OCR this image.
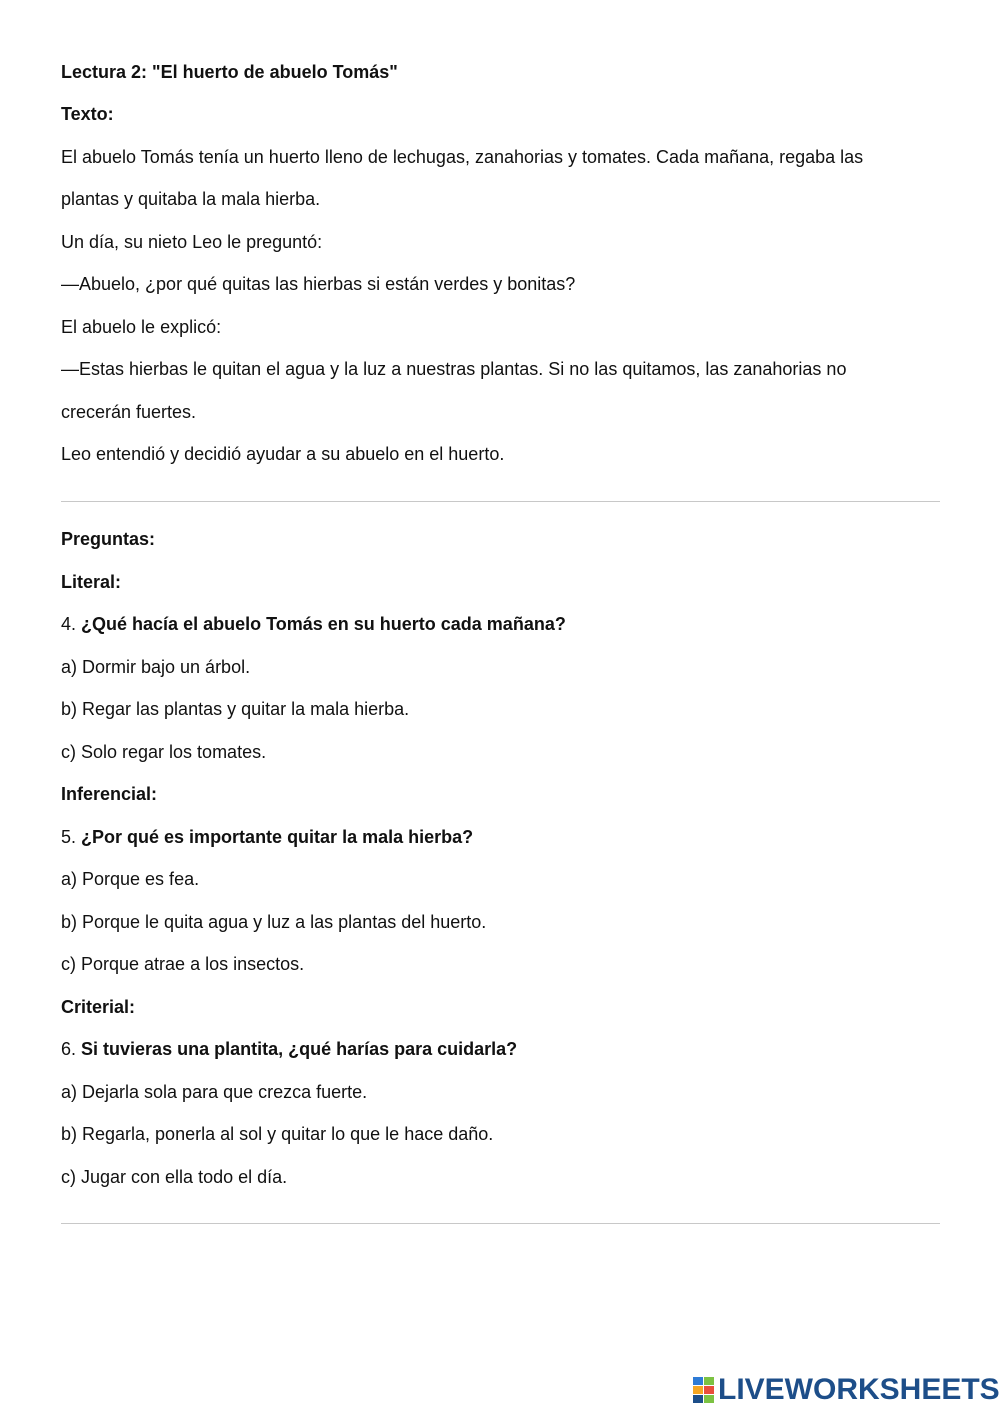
Lectura 2: "El huerto de abuelo Tomás"
Texto:
El abuelo Tomás tenía un huerto lleno de lechugas, zanahorias y tomates. Cada mañana, regaba las
plantas y quitaba la mala hierba.
Un día, su nieto Leo le preguntó:
—Abuelo, ¿por qué quitas las hierbas si están verdes y bonitas?
El abuelo le explicó:
—Estas hierbas le quitan el agua y la luz a nuestras plantas. Si no las quitamos, las zanahorias no
crecerán fuertes.
Leo entendió y decidió ayudar a su abuelo en el huerto.
Preguntas:
Literal:
4. ¿Qué hacía el abuelo Tomás en su huerto cada mañana?
a) Dormir bajo un árbol.
b) Regar las plantas y quitar la mala hierba.
c) Solo regar los tomates.
Inferencial:
5. ¿Por qué es importante quitar la mala hierba?
a) Porque es fea.
b) Porque le quita agua y luz a las plantas del huerto.
c) Porque atrae a los insectos.
Criterial:
6. Si tuvieras una plantita, ¿qué harías para cuidarla?
a) Dejarla sola para que crezca fuerte.
b) Regarla, ponerla al sol y quitar lo que le hace daño.
c) Jugar con ella todo el día.
LIVEWORKSHEETS
